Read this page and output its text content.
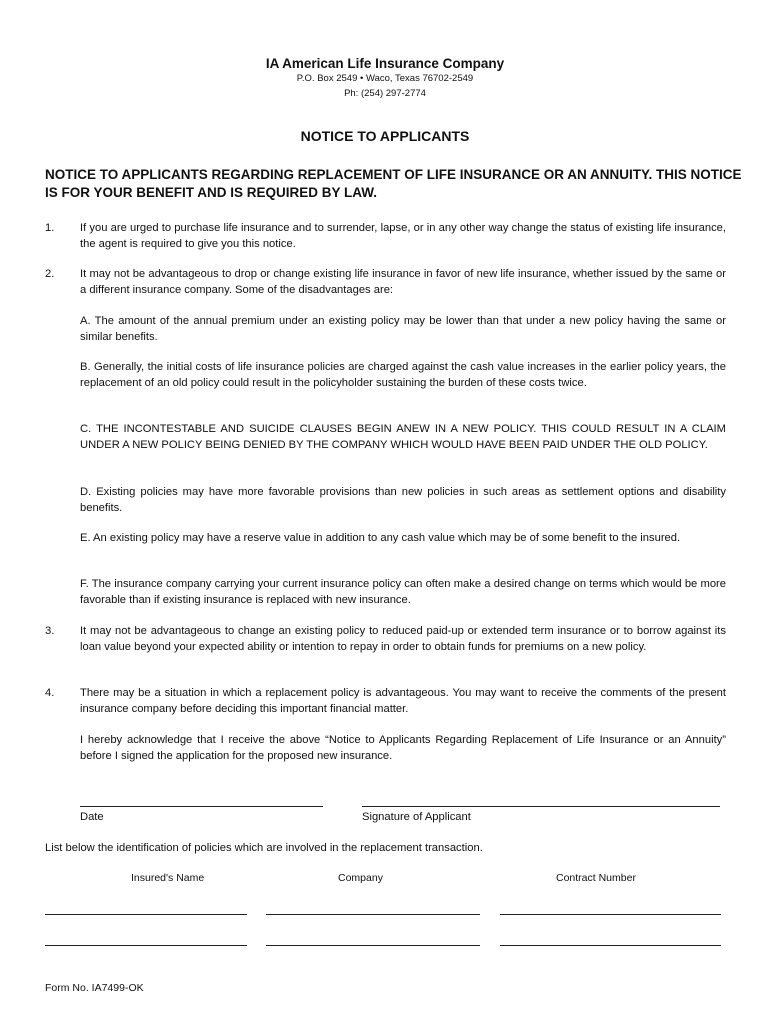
IA American Life Insurance Company
P.O. Box 2549 • Waco, Texas 76702-2549
Ph: (254) 297-2774
NOTICE TO APPLICANTS
NOTICE TO APPLICANTS REGARDING REPLACEMENT OF LIFE INSURANCE OR AN ANNUITY. THIS NOTICE IS FOR YOUR BENEFIT AND IS REQUIRED BY LAW.
1. If you are urged to purchase life insurance and to surrender, lapse, or in any other way change the status of existing life insurance, the agent is required to give you this notice.
2. It may not be advantageous to drop or change existing life insurance in favor of new life insurance, whether issued by the same or a different insurance company. Some of the disadvantages are:
A. The amount of the annual premium under an existing policy may be lower than that under a new policy having the same or similar benefits.
B. Generally, the initial costs of life insurance policies are charged against the cash value increases in the earlier policy years, the replacement of an old policy could result in the policyholder sustaining the burden of these costs twice.
C. THE INCONTESTABLE AND SUICIDE CLAUSES BEGIN ANEW IN A NEW POLICY. THIS COULD RESULT IN A CLAIM UNDER A NEW POLICY BEING DENIED BY THE COMPANY WHICH WOULD HAVE BEEN PAID UNDER THE OLD POLICY.
D. Existing policies may have more favorable provisions than new policies in such areas as settlement options and disability benefits.
E. An existing policy may have a reserve value in addition to any cash value which may be of some benefit to the insured.
F. The insurance company carrying your current insurance policy can often make a desired change on terms which would be more favorable than if existing insurance is replaced with new insurance.
3. It may not be advantageous to change an existing policy to reduced paid-up or extended term insurance or to borrow against its loan value beyond your expected ability or intention to repay in order to obtain funds for premiums on a new policy.
4. There may be a situation in which a replacement policy is advantageous. You may want to receive the comments of the present insurance company before deciding this important financial matter.
I hereby acknowledge that I receive the above “Notice to Applicants Regarding Replacement of Life Insurance or an Annuity” before I signed the application for the proposed new insurance.
Date	Signature of Applicant
List below the identification of policies which are involved in the replacement transaction.
Insured's Name	Company	Contract Number
Form No. IA7499-OK
